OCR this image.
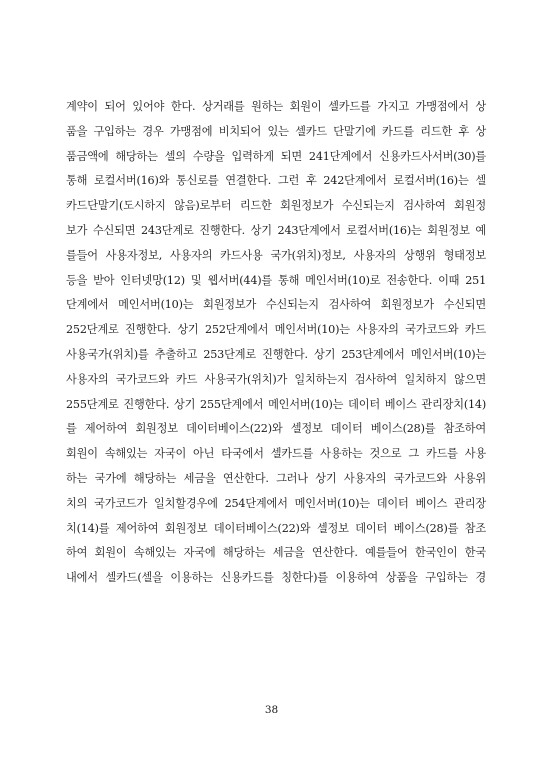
계약이 되어 있어야 한다. 상거래를 원하는 회원이 셀카드를 가지고 가맹점에서 상
품을 구입하는 경우 가맹점에 비치되어 있는 셀카드 단말기에 카드를 리드한 후 상
품금액에 해당하는 셀의 수량을 입력하게 되면 241단계에서 신용카드사서버(30)를
통해 로컬서버(16)와 통신로를 연결한다. 그런 후 242단계에서 로컬서버(16)는 셀
카드단말기(도시하지 않음)로부터 리드한 회원정보가 수신되는지 검사하여 회원정
보가 수신되면 243단계로 진행한다. 상기 243단계에서 로컬서버(16)는 회원정보 예
를들어 사용자정보, 사용자의 카드사용 국가(위치)정보, 사용자의 상행위 형태정보
등을 받아 인터넷망(12) 및 웹서버(44)를 통해 메인서버(10)로 전송한다. 이때 251
단계에서 메인서버(10)는 회원정보가 수신되는지 검사하여 회원정보가 수신되면
252단계로 진행한다. 상기 252단계에서 메인서버(10)는 사용자의 국가코드와 카드
사용국가(위치)를 추출하고 253단계로 진행한다. 상기 253단계에서 메인서버(10)는
사용자의 국가코드와 카드 사용국가(위치)가 일치하는지 검사하여 일치하지 않으면
255단계로 진행한다. 상기 255단계에서 메인서버(10)는 데이터 베이스 관리장치(14)
를 제어하여 회원정보 데이터베이스(22)와 셀정보 데이터 베이스(28)를 참조하여
회원이 속해있는 자국이 아닌 타국에서 셀카드를 사용하는 것으로 그 카드를 사용
하는 국가에 해당하는 세금을 연산한다. 그러나 상기 사용자의 국가코드와 사용위
치의 국가코드가 일치할경우에 254단계에서 메인서버(10)는 데이터 베이스 관리장
치(14)를 제어하여 회원정보 데이터베이스(22)와 셀정보 데이터 베이스(28)를 참조
하여 회원이 속해있는 자국에 해당하는 세금을 연산한다. 예를들어 한국인이 한국
내에서 셀카드(셀을 이용하는 신용카드를 칭한다)를 이용하여 상품을 구입하는 경
38
